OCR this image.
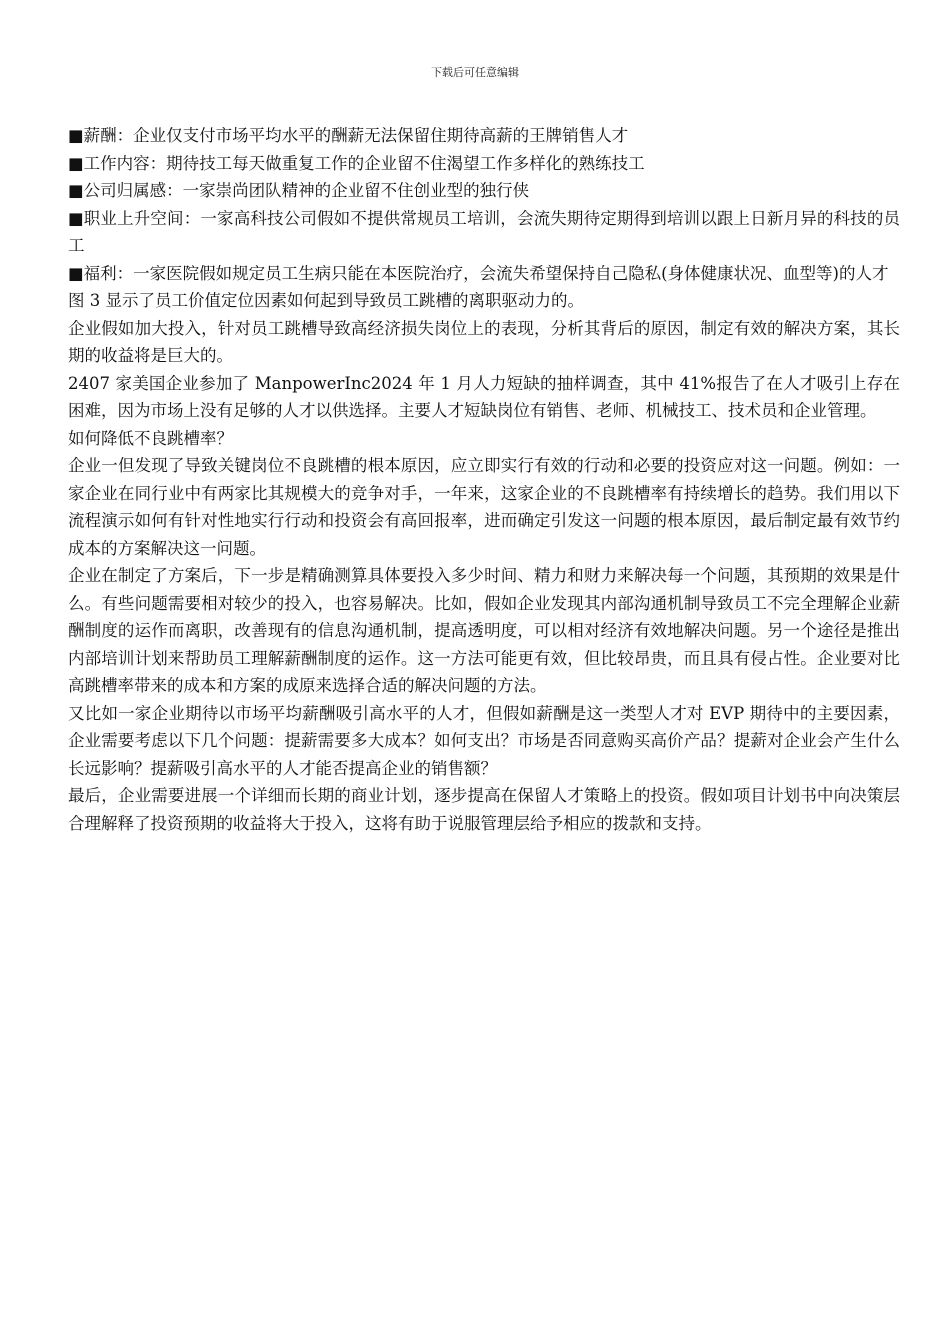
下载后可任意编辑

■薪酬：企业仅支付市场平均水平的酬薪无法保留住期待高薪的王牌销售人才

■工作内容：期待技工每天做重复工作的企业留不住渴望工作多样化的熟练技工

■公司归属感：一家崇尚团队精神的企业留不住创业型的独行侠

■职业上升空间：一家高科技公司假如不提供常规员工培训，会流失期待定期得到培训以跟上日新月异的科技的员工

■福利：一家医院假如规定员工生病只能在本医院治疗，会流失希望保持自己隐私(身体健康状况、血型等)的人才

图 3 显示了员工价值定位因素如何起到导致员工跳槽的离职驱动力的。

企业假如加大投入，针对员工跳槽导致高经济损失岗位上的表现，分析其背后的原因，制定有效的解决方案，其长期的收益将是巨大的。

2407 家美国企业参加了 ManpowerInc2024 年 1 月人力短缺的抽样调查，其中 41%报告了在人才吸引上存在困难，因为市场上没有足够的人才以供选择。主要人才短缺岗位有销售、老师、机械技工、技术员和企业管理。

如何降低不良跳槽率？

企业一但发现了导致关键岗位不良跳槽的根本原因，应立即实行有效的行动和必要的投资应对这一问题。例如：一家企业在同行业中有两家比其规模大的竞争对手，一年来，这家企业的不良跳槽率有持续增长的趋势。我们用以下流程演示如何有针对性地实行行动和投资会有高回报率，进而确定引发这一问题的根本原因，最后制定最有效节约成本的方案解决这一问题。

企业在制定了方案后，下一步是精确测算具体要投入多少时间、精力和财力来解决每一个问题，其预期的效果是什么。有些问题需要相对较少的投入，也容易解决。比如，假如企业发现其内部沟通机制导致员工不完全理解企业薪酬制度的运作而离职，改善现有的信息沟通机制，提高透明度，可以相对经济有效地解决问题。另一个途径是推出内部培训计划来帮助员工理解薪酬制度的运作。这一方法可能更有效，但比较昂贵，而且具有侵占性。企业要对比高跳槽率带来的成本和方案的成原来选择合适的解决问题的方法。

又比如一家企业期待以市场平均薪酬吸引高水平的人才，但假如薪酬是这一类型人才对 EVP 期待中的主要因素，企业需要考虑以下几个问题：提薪需要多大成本？如何支出？市场是否同意购买高价产品？提薪对企业会产生什么长远影响？提薪吸引高水平的人才能否提高企业的销售额？

最后，企业需要进展一个详细而长期的商业计划，逐步提高在保留人才策略上的投资。假如项目计划书中向决策层合理解释了投资预期的收益将大于投入，这将有助于说服管理层给予相应的拨款和支持。
